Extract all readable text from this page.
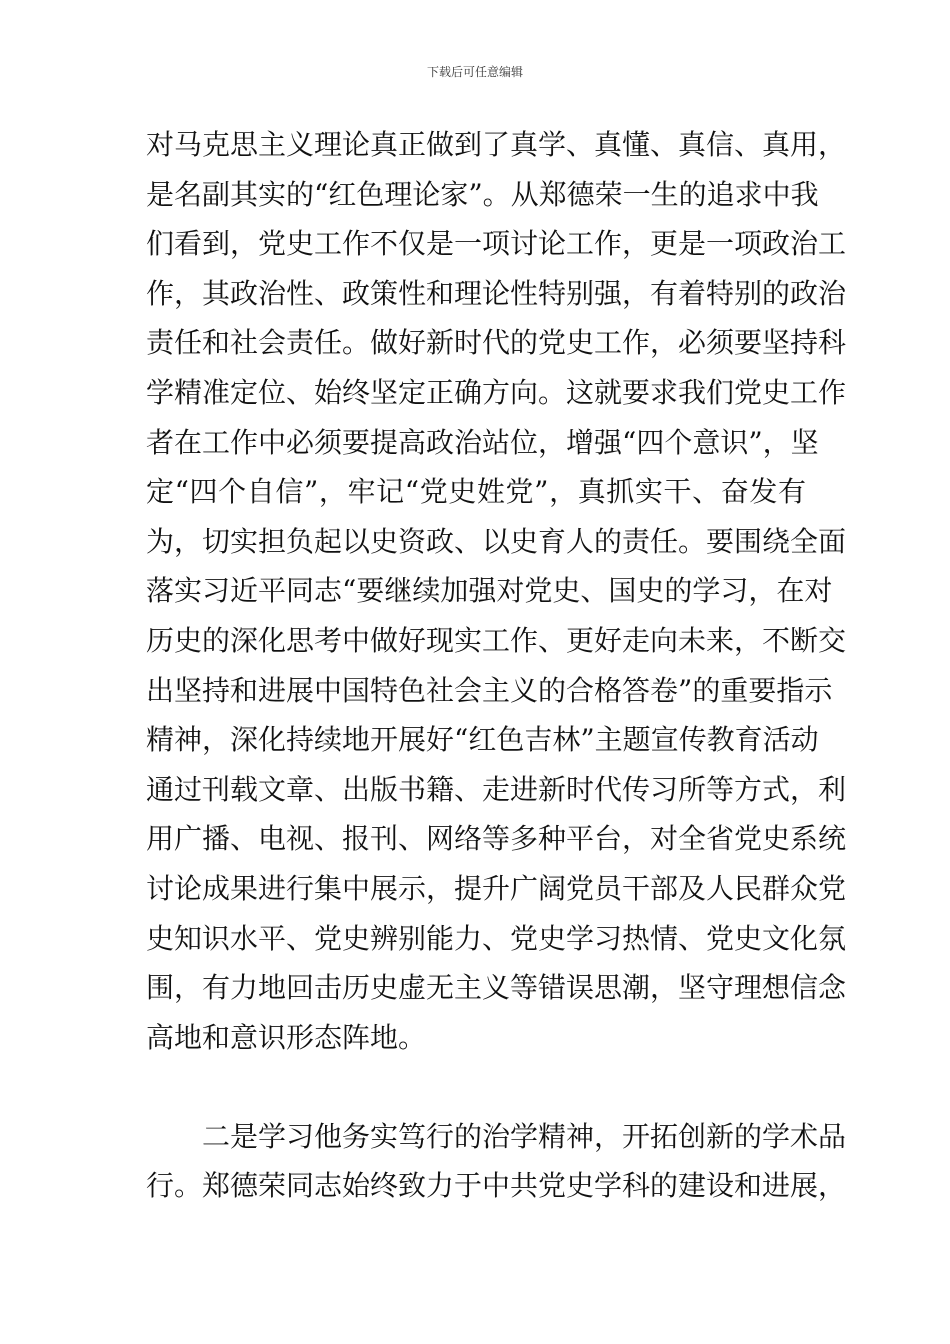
下载后可任意编辑
对马克思主义理论真正做到了真学、真懂、真信、真用，
是名副其实的“红色理论家”。从郑德荣一生的追求中我
们看到，党史工作不仅是一项讨论工作，更是一项政治工
作，其政治性、政策性和理论性特别强，有着特别的政治
责任和社会责任。做好新时代的党史工作，必须要坚持科
学精准定位、始终坚定正确方向。这就要求我们党史工作
者在工作中必须要提高政治站位，增强“四个意识”，坚
定“四个自信”，牢记“党史姓党”，真抓实干、奋发有
为，切实担负起以史资政、以史育人的责任。要围绕全面
落实习近平同志“要继续加强对党史、国史的学习，在对
历史的深化思考中做好现实工作、更好走向未来，不断交
出坚持和进展中国特色社会主义的合格答卷”的重要指示
精神，深化持续地开展好“红色吉林”主题宣传教育活动
通过刊载文章、出版书籍、走进新时代传习所等方式，利
用广播、电视、报刊、网络等多种平台，对全省党史系统
讨论成果进行集中展示，提升广阔党员干部及人民群众党
史知识水平、党史辨别能力、党史学习热情、党史文化氛
围，有力地回击历史虚无主义等错误思潮，坚守理想信念
高地和意识形态阵地。
二是学习他务实笃行的治学精神，开拓创新的学术品
行。郑德荣同志始终致力于中共党史学科的建设和进展，
